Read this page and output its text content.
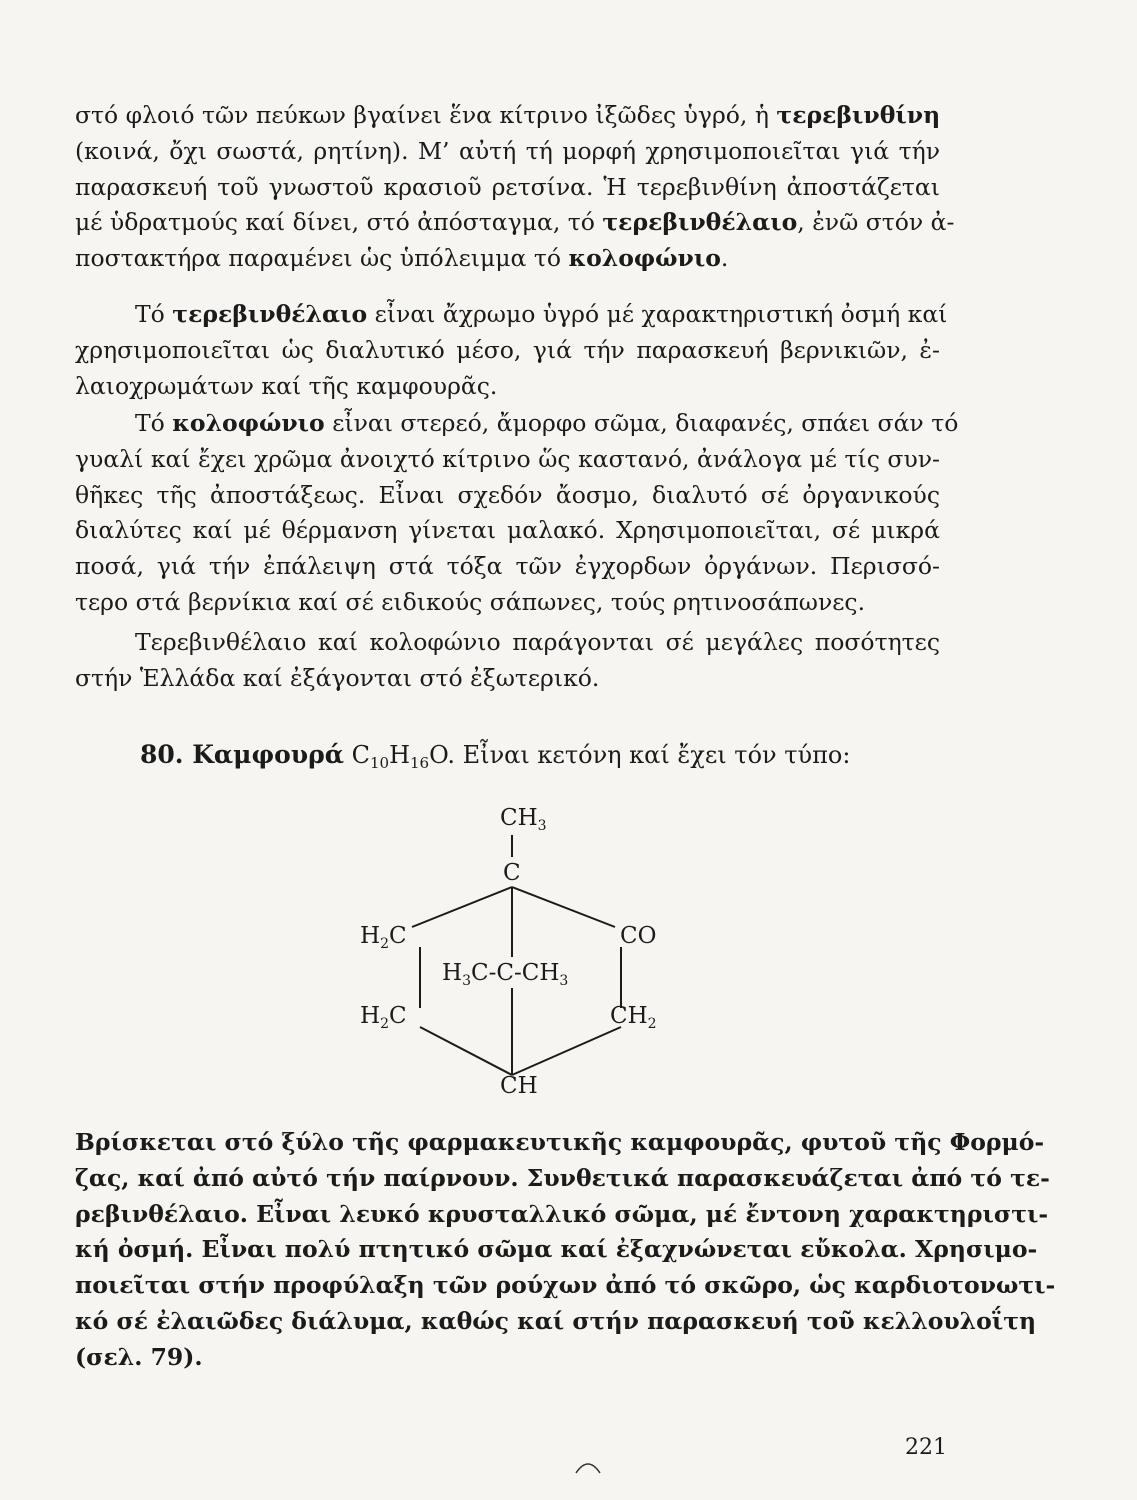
στό φλοιό τῶν πεύκων βγαίνει ἕνα κίτρινο ἰξῶδες ὑγρό, ἡ τερεβινθίνη
(κοινά, ὄχι σωστά, ρητίνη). Μ’ αὐτή τή μορφή χρησιμοποιεῖται γιά τήν
παρασκευή τοῦ γνωστοῦ κρασιοῦ ρετσίνα. Ἡ τερεβινθίνη ἀποστάζεται
μέ ὑδρατμούς καί δίνει, στό ἀπόσταγμα, τό τερεβινθέλαιο, ἐνῶ στόν ἀ-
ποστακτήρα παραμένει ὡς ὑπόλειμμα τό κολοφώνιο.
Τό τερεβινθέλαιο εἶναι ἄχρωμο ὑγρό μέ χαρακτηριστική ὀσμή καί
χρησιμοποιεῖται ὡς διαλυτικό μέσο, γιά τήν παρασκευή βερνικιῶν, ἐ-
λαιοχρωμάτων καί τῆς καμφουρᾶς.
Τό κολοφώνιο εἶναι στερεό, ἄμορφο σῶμα, διαφανές, σπάει σάν τό
γυαλί καί ἔχει χρῶμα ἀνοιχτό κίτρινο ὥς καστανό, ἀνάλογα μέ τίς συν-
θῆκες τῆς ἀποστάξεως. Εἶναι σχεδόν ἄοσμο, διαλυτό σέ ὀργανικούς
διαλύτες καί μέ θέρμανση γίνεται μαλακό. Χρησιμοποιεῖται, σέ μικρά
ποσά, γιά τήν ἐπάλειψη στά τόξα τῶν ἐγχορδων ὀργάνων. Περισσό-
τερο στά βερνίκια καί σέ ειδικούς σάπωνες, τούς ρητινοσάπωνες.
Τερεβινθέλαιο καί κολοφώνιο παράγονται σέ μεγάλες ποσότητες
στήν Ἑλλάδα καί ἐξάγονται στό ἐξωτερικό.
80. Καμφουρά $C_{10}H_{16}O$. Εἶναι κετόνη καί ἔχει τόν τύπο:
$CH_3$
C
$H_2C$	CO
$H_3C-C-CH_3$
$H_2C$	$CH_2$
CH
Βρίσκεται στό ξύλο τῆς φαρμακευτικῆς καμφουρᾶς, φυτοῦ τῆς Φορμό-
ζας, καί ἀπό αὐτό τήν παίρνουν. Συνθετικά παρασκευάζεται ἀπό τό τε-
ρεβινθέλαιο. Εἶναι λευκό κρυσταλλικό σῶμα, μέ ἔντονη χαρακτηριστι-
κή ὀσμή. Εἶναι πολύ πτητικό σῶμα καί ἐξαχνώνεται εὔκολα. Χρησιμο-
ποιεῖται στήν προφύλαξη τῶν ρούχων ἀπό τό σκῶρο, ὡς καρδιοτονωτι-
κό σέ ἐλαιῶδες διάλυμα, καθώς καί στήν παρασκευή τοῦ κελλουλοΐτη
(σελ. 79).
221
